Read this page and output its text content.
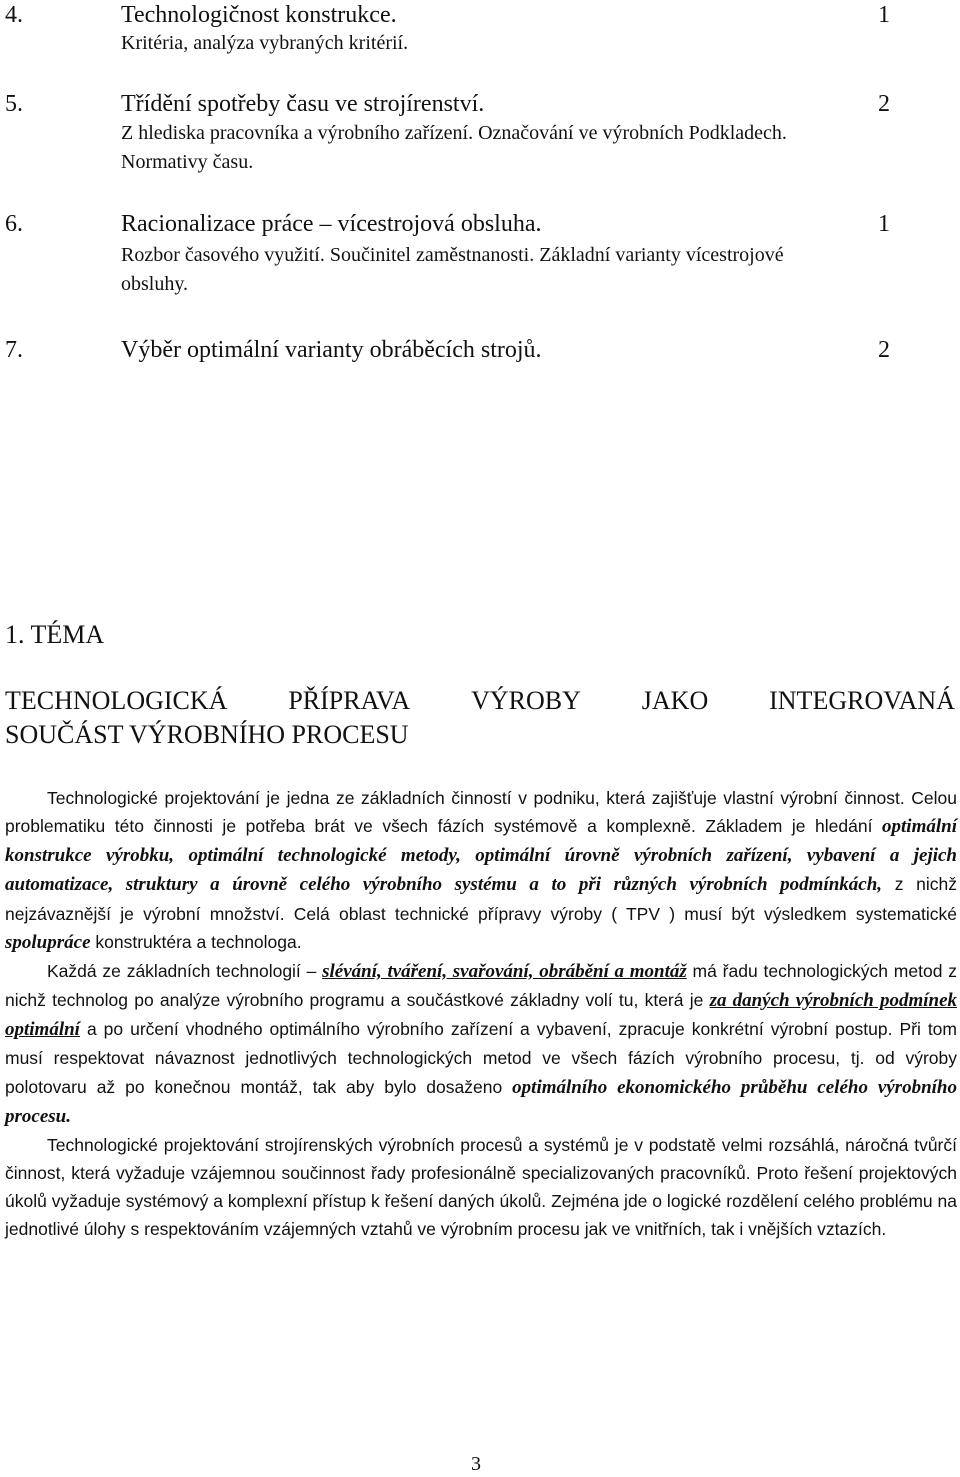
4.	Technologičnost konstrukce.	1
Kritéria, analýza vybraných kritérií.
5.	Třídění spotřeby času ve strojírenství.	2
Z hlediska pracovníka a výrobního zařízení. Označování ve výrobních Podkladech. Normativy času.
6.	Racionalizace práce – vícestrojová obsluha.	1
Rozbor časového využití. Součinitel zaměstnanosti. Základní varianty vícestrojové obsluhy.
7.	Výběr optimální varianty obráběcích strojů.	2
1. TÉMA
TECHNOLOGICKÁ PŘÍPRAVA VÝROBY JAKO INTEGROVANÁ
SOUČÁST VÝROBNÍHO PROCESU

Technologické projektování je jedna ze základních činností v podniku, která zajišťuje vlastní výrobní činnost. Celou problematiku této činnosti je potřeba brát ve všech fázích systémově a komplexně. Základem je hledání optimální konstrukce výrobku, optimální technologické metody, optimální úrovně výrobních zařízení, vybavení a jejich automatizace, struktury a úrovně celého výrobního systému a to při různých výrobních podmínkách, z nichž nejzávaznější je výrobní množství. Celá oblast technické přípravy výroby ( TPV ) musí být výsledkem systematické spolupráce konstruktéra a technologa.

Každá ze základních technologií – slévání, tváření, svařování, obrábění a montáž má řadu technologických metod z nichž technolog po analýze výrobního programu a součástkové základny volí tu, která je za daných výrobních podmínek optimální a po určení vhodného optimálního výrobního zařízení a vybavení, zpracuje konkrétní výrobní postup. Při tom musí respektovat návaznost jednotlivých technologických metod ve všech fázích výrobního procesu, tj. od výroby polotovaru až po konečnou montáž, tak aby bylo dosaženo optimálního ekonomického průběhu celého výrobního procesu.

Technologické projektování strojírenských výrobních procesů a systémů je v podstatě velmi rozsáhlá, náročná tvůrčí činnost, která vyžaduje vzájemnou součinnost řady profesionálně specializovaných pracovníků. Proto řešení projektových úkolů vyžaduje systémový a komplexní přístup k řešení daných úkolů. Zejména jde o logické rozdělení celého problému na jednotlivé úlohy s respektováním vzájemných vztahů ve výrobním procesu jak ve vnitřních, tak i vnějších vztazích.

3
